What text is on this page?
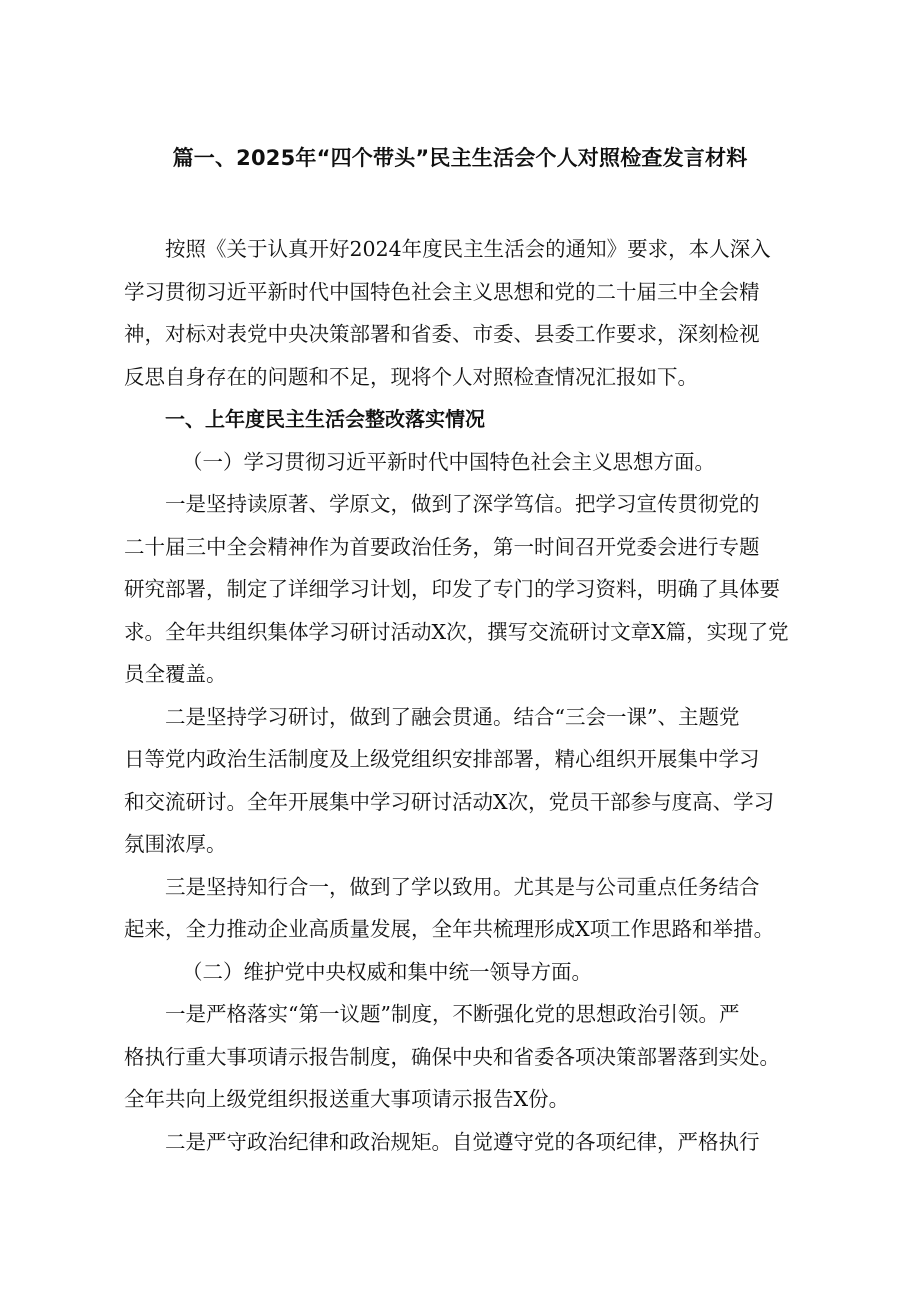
篇一、2025年“四个带头”民主生活会个人对照检查发言材料
按照《关于认真开好2024年度民主生活会的通知》要求，本人深入
学习贯彻习近平新时代中国特色社会主义思想和党的二十届三中全会精
神，对标对表党中央决策部署和省委、市委、县委工作要求，深刻检视
反思自身存在的问题和不足，现将个人对照检查情况汇报如下。
一、上年度民主生活会整改落实情况
（一）学习贯彻习近平新时代中国特色社会主义思想方面。
一是坚持读原著、学原文，做到了深学笃信。把学习宣传贯彻党的
二十届三中全会精神作为首要政治任务，第一时间召开党委会进行专题
研究部署，制定了详细学习计划，印发了专门的学习资料，明确了具体要
求。全年共组织集体学习研讨活动X次，撰写交流研讨文章X篇，实现了党
员全覆盖。
二是坚持学习研讨，做到了融会贯通。结合“三会一课”、主题党
日等党内政治生活制度及上级党组织安排部署，精心组织开展集中学习
和交流研讨。全年开展集中学习研讨活动X次，党员干部参与度高、学习
氛围浓厚。
三是坚持知行合一，做到了学以致用。尤其是与公司重点任务结合
起来，全力推动企业高质量发展，全年共梳理形成X项工作思路和举措。
（二）维护党中央权威和集中统一领导方面。
一是严格落实“第一议题”制度，不断强化党的思想政治引领。严
格执行重大事项请示报告制度，确保中央和省委各项决策部署落到实处。
全年共向上级党组织报送重大事项请示报告X份。
二是严守政治纪律和政治规矩。自觉遵守党的各项纪律，严格执行
